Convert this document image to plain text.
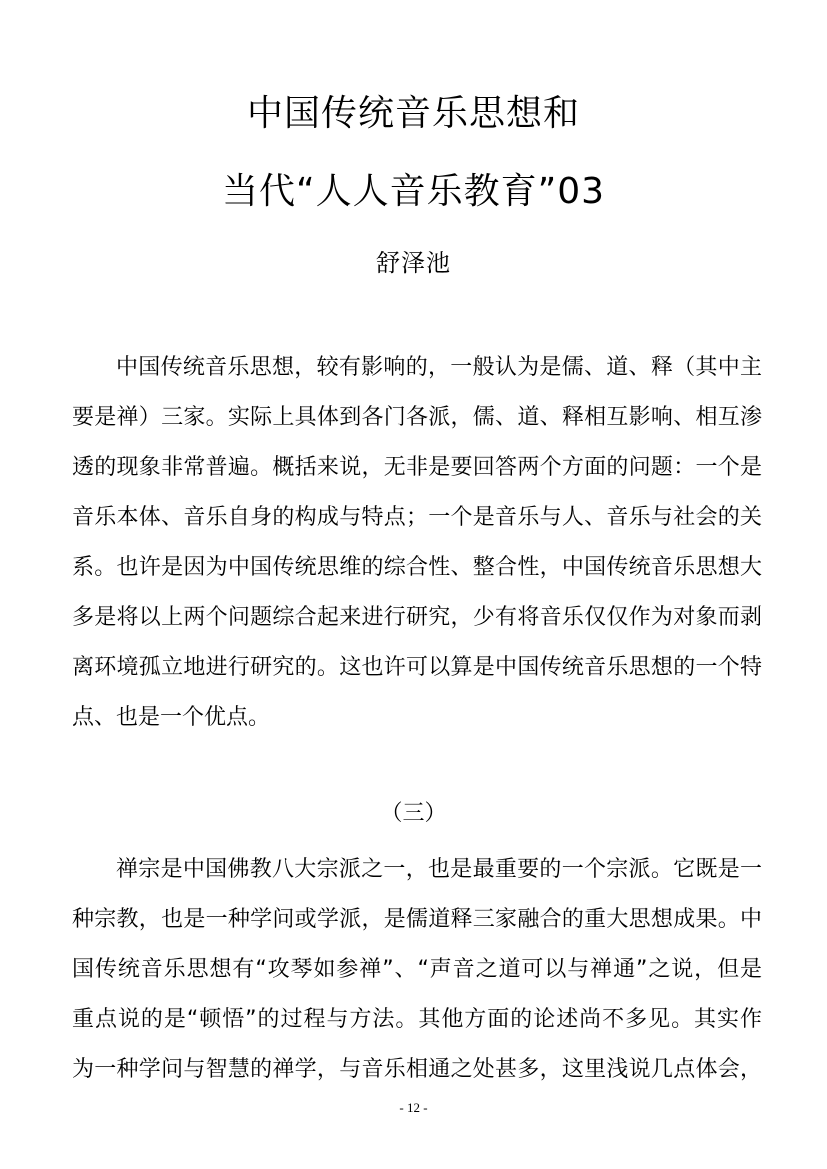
中国传统音乐思想和
当代“人人音乐教育”03
舒泽池
中国传统音乐思想，较有影响的，一般认为是儒、道、释（其中主
要是禅）三家。实际上具体到各门各派，儒、道、释相互影响、相互渗
透的现象非常普遍。概括来说，无非是要回答两个方面的问题：一个是
音乐本体、音乐自身的构成与特点；一个是音乐与人、音乐与社会的关
系。也许是因为中国传统思维的综合性、整合性，中国传统音乐思想大
多是将以上两个问题综合起来进行研究，少有将音乐仅仅作为对象而剥
离环境孤立地进行研究的。这也许可以算是中国传统音乐思想的一个特
点、也是一个优点。
（三）
禅宗是中国佛教八大宗派之一，也是最重要的一个宗派。它既是一
种宗教，也是一种学问或学派，是儒道释三家融合的重大思想成果。中
国传统音乐思想有“攻琴如参禅”、“声音之道可以与禅通”之说，但是
重点说的是“顿悟”的过程与方法。其他方面的论述尚不多见。其实作
为一种学问与智慧的禅学，与音乐相通之处甚多，这里浅说几点体会，
- 12 -
